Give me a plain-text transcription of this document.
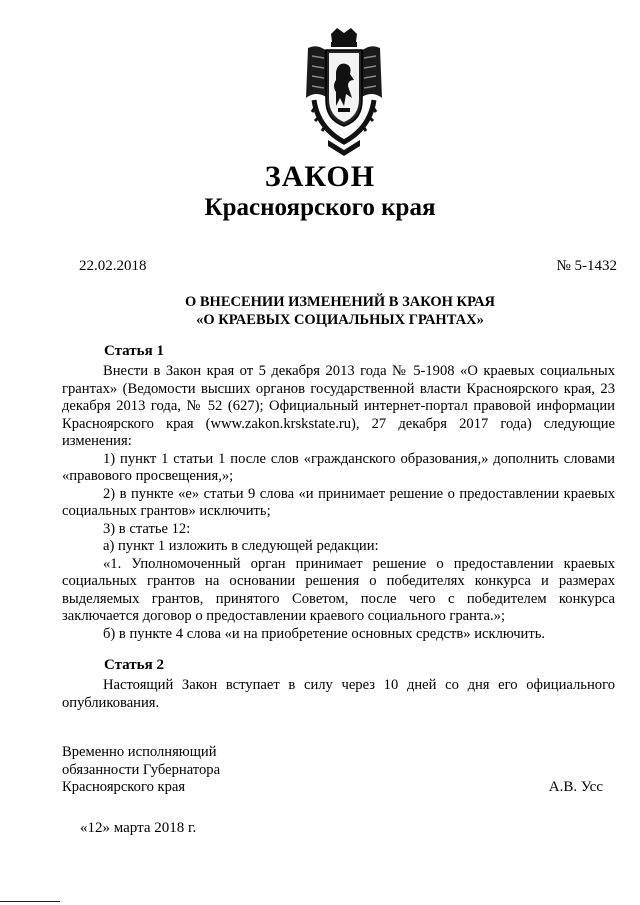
ЗАКОН
Красноярского края
22.02.2018	№ 5-1432
О ВНЕСЕНИИ ИЗМЕНЕНИЙ В ЗАКОН КРАЯ
«О КРАЕВЫХ СОЦИАЛЬНЫХ ГРАНТАХ»
Статья 1

Внести в Закон края от 5 декабря 2013 года № 5-1908 «О краевых социальных грантах» (Ведомости высших органов государственной власти Красноярского края, 23 декабря 2013 года, № 52 (627); Официальный интернет-портал правовой информации Красноярского края (www.zakon.krskstate.ru), 27 декабря 2017 года) следующие изменения:

1) пункт 1 статьи 1 после слов «гражданского образования,» дополнить словами «правового просвещения,»;

2) в пункте «е» статьи 9 слова «и принимает решение о предоставлении краевых социальных грантов» исключить;

3) в статье 12:

а) пункт 1 изложить в следующей редакции:

«1. Уполномоченный орган принимает решение о предоставлении краевых социальных грантов на основании решения о победителях конкурса и размерах выделяемых грантов, принятого Советом, после чего с победителем конкурса заключается договор о предоставлении краевого социального гранта.»;

б) в пункте 4 слова «и на приобретение основных средств» исключить.

Статья 2

Настоящий Закон вступает в силу через 10 дней со дня его официального опубликования.

Временно исполняющий
обязанности Губернатора
Красноярского края	А.В. Усс
«12» марта 2018 г.
